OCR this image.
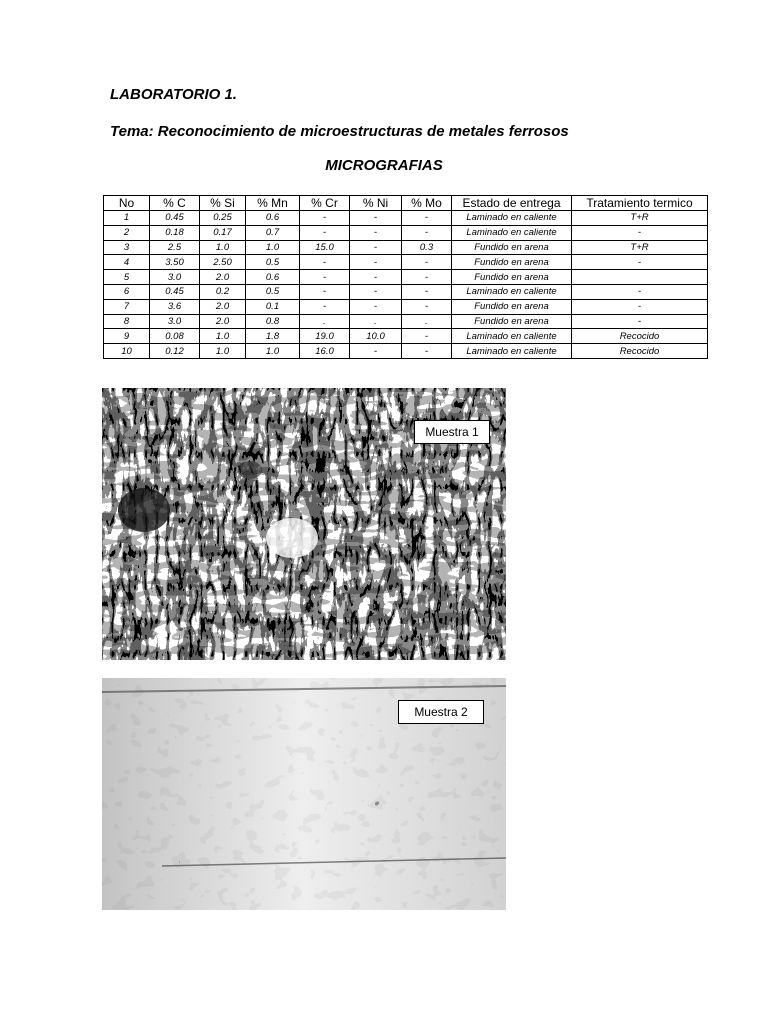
LABORATORIO 1.
Tema: Reconocimiento de microestructuras de metales ferrosos
MICROGRAFIAS
No	% C	% Si	% Mn	% Cr	% Ni	% Mo	Estado de entrega	Tratamiento termico
1	0.45	0.25	0.6	-	-	-	Laminado en caliente	T+R
2	0.18	0.17	0.7	-	-	-	Laminado en caliente	-
3	2.5	1.0	1.0	15.0	-	0.3	Fundido en arena	T+R
4	3.50	2.50	0.5	-	-	-	Fundido en arena	-
5	3.0	2.0	0.6	-	-	-	Fundido en arena	
6	0.45	0.2	0.5	-	-	-	Laminado en caliente	-
7	3.6	2.0	0.1	-	-	-	Fundido en arena	-
8	3.0	2.0	0.8	.	.	.	Fundido en arena	-
9	0.08	1.0	1.8	19.0	10.0	-	Laminado en caliente	Recocido
10	0.12	1.0	1.0	16.0	-	-	Laminado en caliente	Recocido
Muestra 1
Muestra 2
